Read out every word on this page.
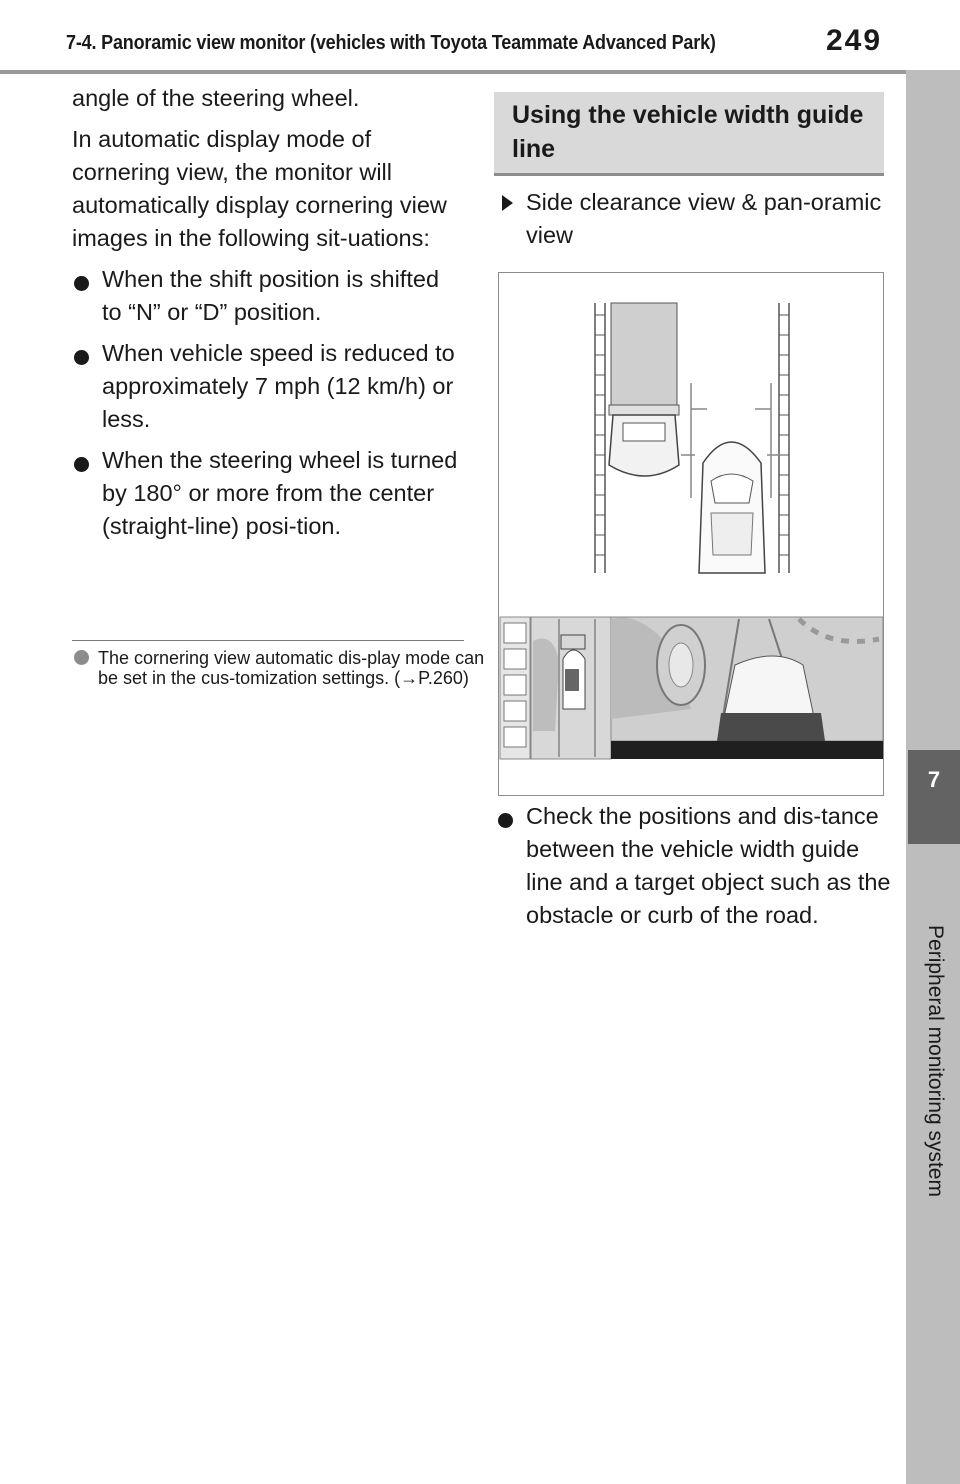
7-4. Panoramic view monitor (vehicles with Toyota Teammate Advanced Park)	249
7
Peripheral monitoring system

angle of the steering wheel.

In automatic display mode of cornering view, the monitor will automatically display cornering view images in the following sit-uations:

When the shift position is shifted to “N” or “D” position.
When vehicle speed is reduced to approximately 7 mph (12 km/h) or less.
When the steering wheel is turned by 180° or more from the center (straight-line) posi-tion.
The cornering view automatic dis-play mode can be set in the cus-tomization settings. (→P.260)
Using the vehicle width guide line
Side clearance view & pan-oramic view
Check the positions and dis-tance between the vehicle width guide line and a target object such as the obstacle or curb of the road.
